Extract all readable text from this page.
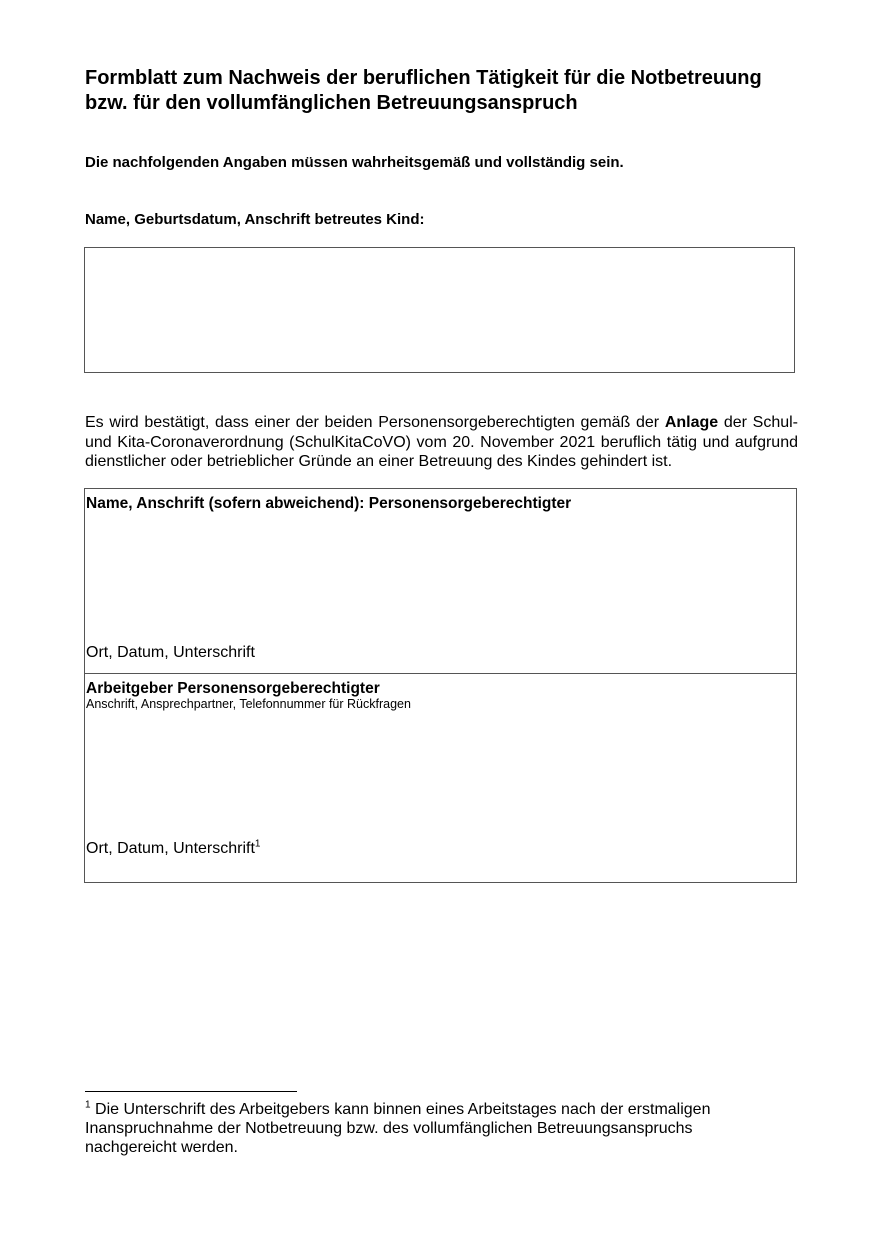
Formblatt zum Nachweis der beruflichen Tätigkeit für die Notbetreuung bzw. für den vollumfänglichen Betreuungsanspruch
Die nachfolgenden Angaben müssen wahrheitsgemäß und vollständig sein.
Name, Geburtsdatum, Anschrift betreutes Kind:
Es wird bestätigt, dass einer der beiden Personensorgeberechtigten gemäß der Anlage der Schul- und Kita-Coronaverordnung (SchulKitaCoVO) vom 20. November 2021 beruflich tätig und aufgrund dienstlicher oder betrieblicher Gründe an einer Betreuung des Kindes gehindert ist.
Name, Anschrift (sofern abweichend): Personensorgeberechtigter
Ort, Datum, Unterschrift
Arbeitgeber Personensorgeberechtigter
Anschrift, Ansprechpartner, Telefonnummer für Rückfragen
Ort, Datum, Unterschrift$^1$
$^1$ Die Unterschrift des Arbeitgebers kann binnen eines Arbeitstages nach der erstmaligen Inanspruchnahme der Notbetreuung bzw. des vollumfänglichen Betreuungsanspruchs nachgereicht werden.
